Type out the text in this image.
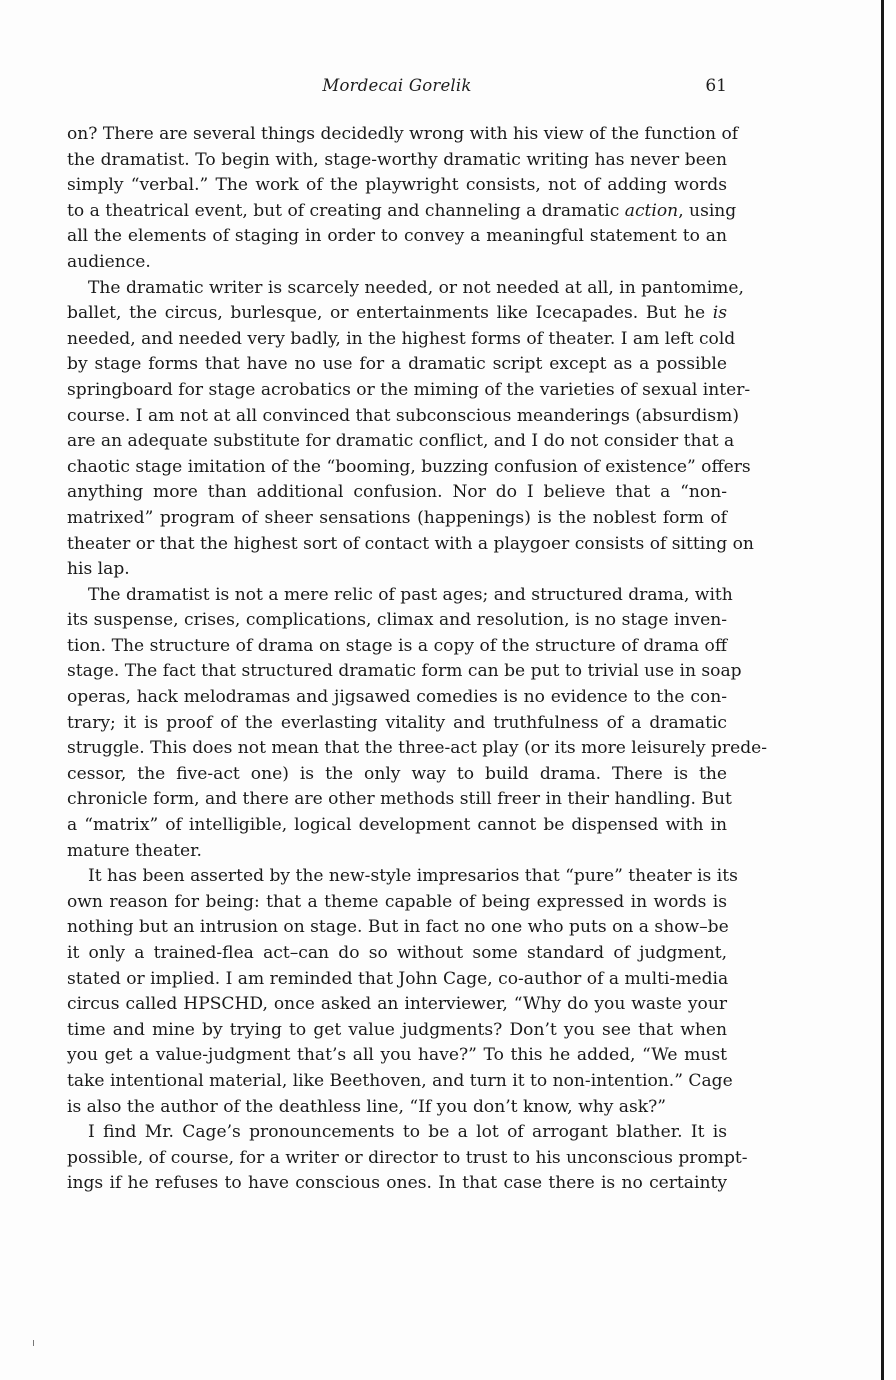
Mordecai Gorelik	61
on? There are several things decidedly wrong with his view of the function of
the dramatist. To begin with, stage-worthy dramatic writing has never been
simply “verbal.” The work of the playwright consists, not of adding words
to a theatrical event, but of creating and channeling a dramatic action, using
all the elements of staging in order to convey a meaningful statement to an
audience.
The dramatic writer is scarcely needed, or not needed at all, in pantomime,
ballet, the circus, burlesque, or entertainments like Icecapades. But he is
needed, and needed very badly, in the highest forms of theater. I am left cold
by stage forms that have no use for a dramatic script except as a possible
springboard for stage acrobatics or the miming of the varieties of sexual inter-
course. I am not at all convinced that subconscious meanderings (absurdism)
are an adequate substitute for dramatic conflict, and I do not consider that a
chaotic stage imitation of the “booming, buzzing confusion of existence” offers
anything more than additional confusion. Nor do I believe that a “non-
matrixed” program of sheer sensations (happenings) is the noblest form of
theater or that the highest sort of contact with a playgoer consists of sitting on
his lap.
The dramatist is not a mere relic of past ages; and structured drama, with
its suspense, crises, complications, climax and resolution, is no stage inven-
tion. The structure of drama on stage is a copy of the structure of drama off
stage. The fact that structured dramatic form can be put to trivial use in soap
operas, hack melodramas and jigsawed comedies is no evidence to the con-
trary; it is proof of the everlasting vitality and truthfulness of a dramatic
struggle. This does not mean that the three-act play (or its more leisurely prede-
cessor, the five-act one) is the only way to build drama. There is the
chronicle form, and there are other methods still freer in their handling. But
a “matrix” of intelligible, logical development cannot be dispensed with in
mature theater.
It has been asserted by the new-style impresarios that “pure” theater is its
own reason for being: that a theme capable of being expressed in words is
nothing but an intrusion on stage. But in fact no one who puts on a show–be
it only a trained-flea act–can do so without some standard of judgment,
stated or implied. I am reminded that John Cage, co-author of a multi-media
circus called HPSCHD, once asked an interviewer, “Why do you waste your
time and mine by trying to get value judgments? Don’t you see that when
you get a value-judgment that’s all you have?” To this he added, “We must
take intentional material, like Beethoven, and turn it to non-intention.” Cage
is also the author of the deathless line, “If you don’t know, why ask?”
I find Mr. Cage’s pronouncements to be a lot of arrogant blather. It is
possible, of course, for a writer or director to trust to his unconscious prompt-
ings if he refuses to have conscious ones. In that case there is no certainty
